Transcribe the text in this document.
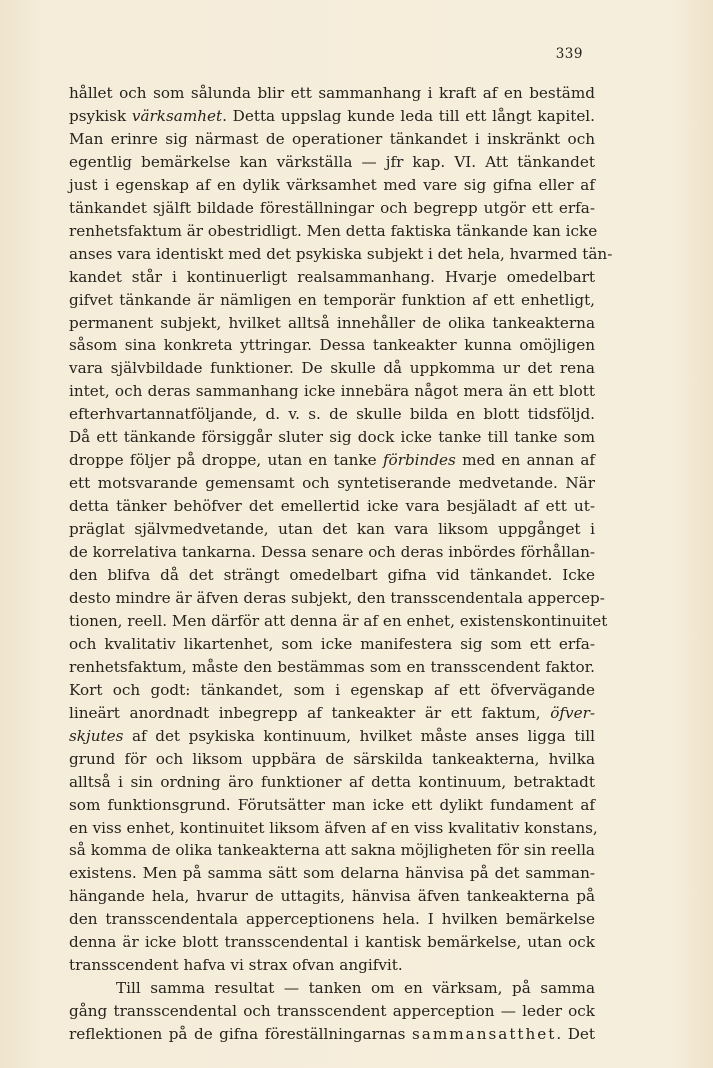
339
hållet och som sålunda blir ett sammanhang i kraft af en bestämd
psykisk värksamhet. Detta uppslag kunde leda till ett långt kapitel.
Man erinre sig närmast de operationer tänkandet i inskränkt och
egentlig bemärkelse kan värkställa — jfr kap. VI. Att tänkandet
just i egenskap af en dylik värksamhet med vare sig gifna eller af
tänkandet själft bildade föreställningar och begrepp utgör ett erfa-
renhetsfaktum är obestridligt. Men detta faktiska tänkande kan icke
anses vara identiskt med det psykiska subjekt i det hela, hvarmed tän-
kandet står i kontinuerligt realsammanhang. Hvarje omedelbart
gifvet tänkande är nämligen en temporär funktion af ett enhetligt,
permanent subjekt, hvilket alltså innehåller de olika tankeakterna
såsom sina konkreta yttringar. Dessa tankeakter kunna omöjligen
vara självbildade funktioner. De skulle då uppkomma ur det rena
intet, och deras sammanhang icke innebära något mera än ett blott
efterhvartannatföljande, d. v. s. de skulle bilda en blott tidsföljd.
Då ett tänkande försiggår sluter sig dock icke tanke till tanke som
droppe följer på droppe, utan en tanke förbindes med en annan af
ett motsvarande gemensamt och syntetiserande medvetande. När
detta tänker behöfver det emellertid icke vara besjäladt af ett ut-
präglat självmedvetande, utan det kan vara liksom uppgånget i
de korrelativa tankarna. Dessa senare och deras inbördes förhållan-
den blifva då det strängt omedelbart gifna vid tänkandet. Icke
desto mindre är äfven deras subjekt, den transscendentala appercep-
tionen, reell. Men därför att denna är af en enhet, existenskontinuitet
och kvalitativ likartenhet, som icke manifestera sig som ett erfa-
renhetsfaktum, måste den bestämmas som en transscendent faktor.
Kort och godt: tänkandet, som i egenskap af ett öfvervägande
lineärt anordnadt inbegrepp af tankeakter är ett faktum, öfver-
skjutes af det psykiska kontinuum, hvilket måste anses ligga till
grund för och liksom uppbära de särskilda tankeakterna, hvilka
alltså i sin ordning äro funktioner af detta kontinuum, betraktadt
som funktionsgrund. Förutsätter man icke ett dylikt fundament af
en viss enhet, kontinuitet liksom äfven af en viss kvalitativ konstans,
så komma de olika tankeakterna att sakna möjligheten för sin reella
existens. Men på samma sätt som delarna hänvisa på det samman-
hängande hela, hvarur de uttagits, hänvisa äfven tankeakterna på
den transscendentala apperceptionens hela. I hvilken bemärkelse
denna är icke blott transscendental i kantisk bemärkelse, utan ock
transscendent hafva vi strax ofvan angifvit.
Till samma resultat — tanken om en värksam, på samma
gång transscendental och transscendent apperception — leder ock
reflektionen på de gifna föreställningarnas sammansatthet. Det
